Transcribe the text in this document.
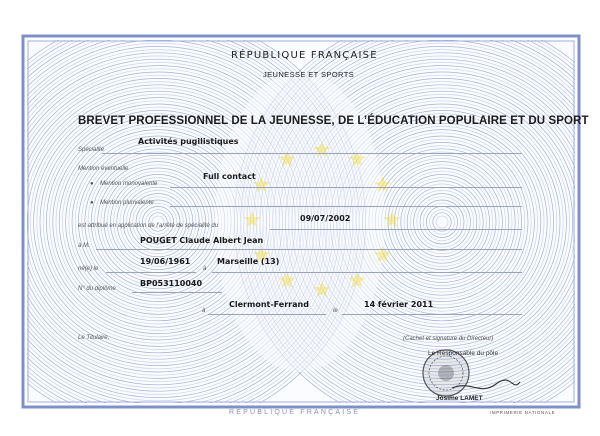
RÉPUBLIQUE FRANÇAISE
JEUNESSE ET SPORTS
BREVET PROFESSIONNEL DE LA JEUNESSE, DE L’ÉDUCATION POPULAIRE ET DU SPORT
Spécialité
Activités pugilistiques
Mention éventuelle
● Mention monovalente
Full contact
● Mention plurivalente
est attribué en application de l’arrêté de spécialité du
09/07/2002
à M.
POUGET Claude Albert Jean
né(e) le
19/06/1961
à
Marseille (13)
N° du diplôme
BP053110040
à
Clermont-Ferrand
le
14 février 2011
Le Titulaire,	(Cachet et signature du Directeur)
Le Responsable du pôle
Josime LAMET
RÉPUBLIQUE FRANÇAISE	IMPRIMERIE NATIONALE
